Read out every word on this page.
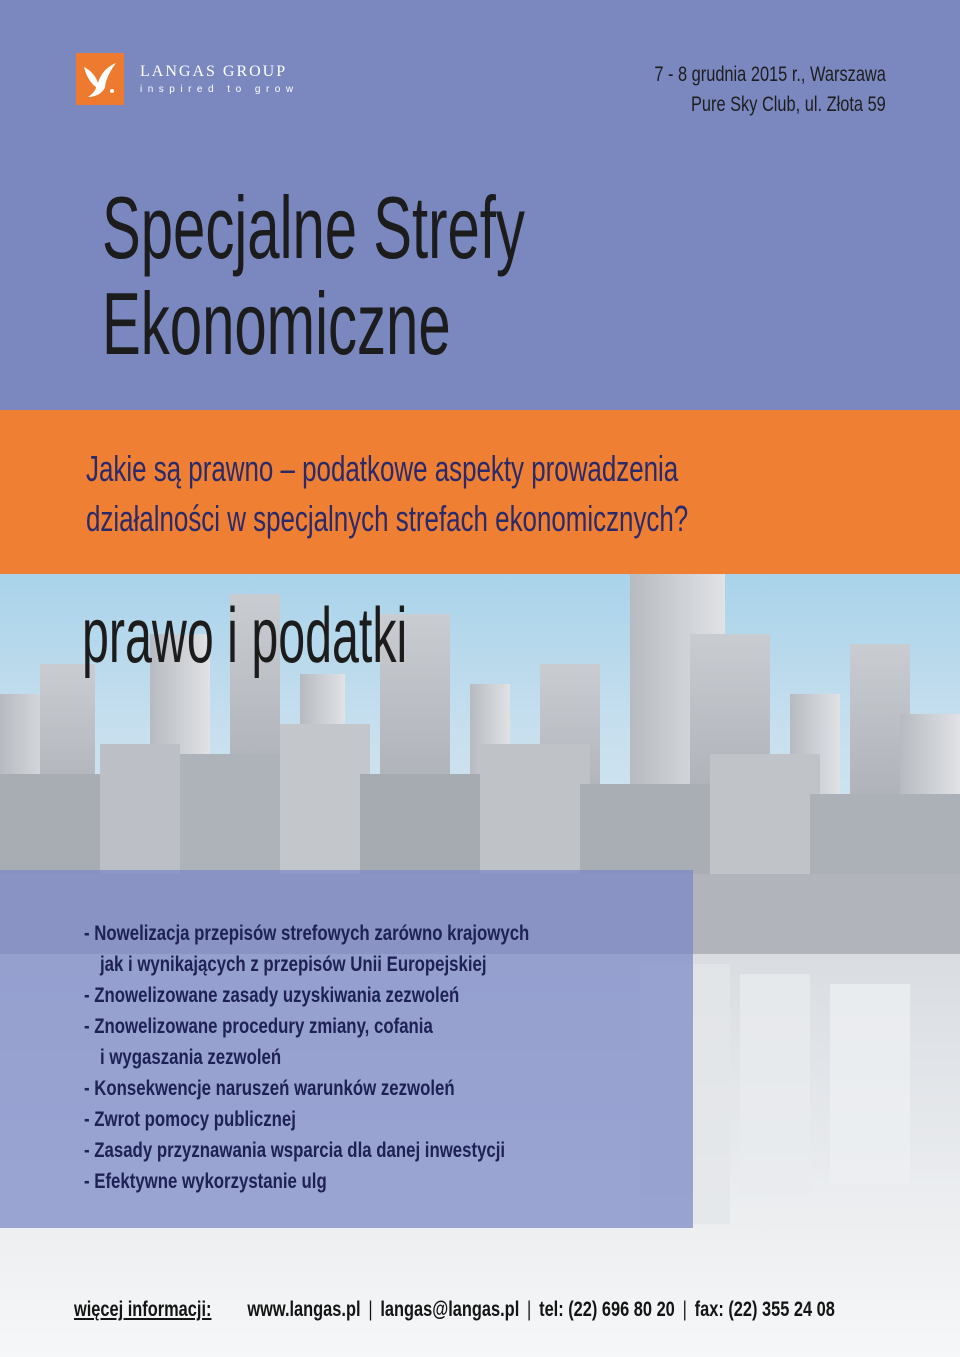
LANGAS GROUP
inspired to grow
7 - 8 grudnia 2015 r., Warszawa
Pure Sky Club, ul. Złota 59
Specjalne Strefy
Ekonomiczne
Jakie są prawno – podatkowe aspekty prowadzenia
działalności w specjalnych strefach ekonomicznych?
prawo i podatki
- Nowelizacja przepisów strefowych zarówno krajowych
jak i wynikających z przepisów Unii Europejskiej
- Znowelizowane zasady uzyskiwania zezwoleń
- Znowelizowane procedury zmiany, cofania
i wygaszania zezwoleń
- Konsekwencje naruszeń warunków zezwoleń
- Zwrot pomocy publicznej
- Zasady przyznawania wsparcia dla danej inwestycji
- Efektywne wykorzystanie ulg
więcej informacji: www.langas.pl | langas@langas.pl | tel: (22) 696 80 20 | fax: (22) 355 24 08
